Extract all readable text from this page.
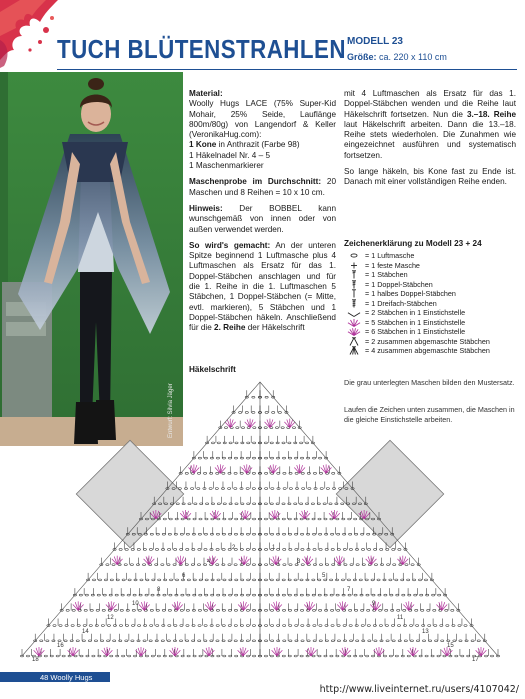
TUCH BLÜTENSTRAHLEN MODELL 23
Größe: ca. 220 x 110 cm
Entwurf: Silvia Jäger

Material:
Woolly Hugs LACE (75% Super-Kid Mohair, 25% Seide, Lauflänge 800m/80g) von Langendorf & Keller (VeronikaHug.com):
1 Kone in Anthrazit (Farbe 98)
1 Häkelnadel Nr. 4 – 5
1 Maschenmarkierer

Maschenprobe im Durchschnitt: 20 Maschen und 8 Reihen = 10 x 10 cm.

Hinweis: Der BOBBEL kann wunschgemäß von innen oder von außen verwendet werden.

So wird's gemacht: An der unteren Spitze beginnend 1 Luftmasche plus 4 Luftmaschen als Ersatz für das 1. Doppel-Stäbchen anschlagen und für die 1. Reihe in die 1. Luftmaschen 5 Stäbchen, 1 Doppel-Stäbchen (= Mitte, evtl. markieren), 5 Stäbchen und 1 Doppel-Stäbchen häkeln. Anschließend für die 2. Reihe der Häkelschrift

mit 4 Luftmaschen als Ersatz für das 1. Doppel-Stäbchen wenden und die Reihe laut Häkelschrift fortsetzen. Nun die 3.–18. Reihe laut Häkelschrift arbeiten. Dann die 13.–18. Reihe stets wiederholen. Die Zunahmen wie eingezeichnet ausführen und systematisch fortsetzen.

So lange häkeln, bis Kone fast zu Ende ist. Danach mit einer vollständigen Reihe enden.

Zeichenerklärung zu Modell 23 + 24
= 1 Luftmasche
= 1 feste Masche
= 1 Stäbchen
= 1 Doppel-Stäbchen
= 1 halbes Doppel-Stäbchen
= 1 Dreifach-Stäbchen
= 2 Stäbchen in 1 Einstichstelle
= 5 Stäbchen in 1 Einstichstelle
= 6 Stäbchen in 1 Einstichstelle
= 2 zusammen abgemaschte Stäbchen
= 4 zusammen abgemaschte Stäbchen
Die grau unterlegten Maschen bilden den Mustersatz.
Laufen die Zeichen unten zusammen, die Maschen in die gleiche Einstichstelle arbeiten.
Häkelschrift
18
16
14
12
10
8
6
4
2	1
3
5
7
9
11
13
15
17
48 Woolly Hugs
http://www.liveinternet.ru/users/4107042/
